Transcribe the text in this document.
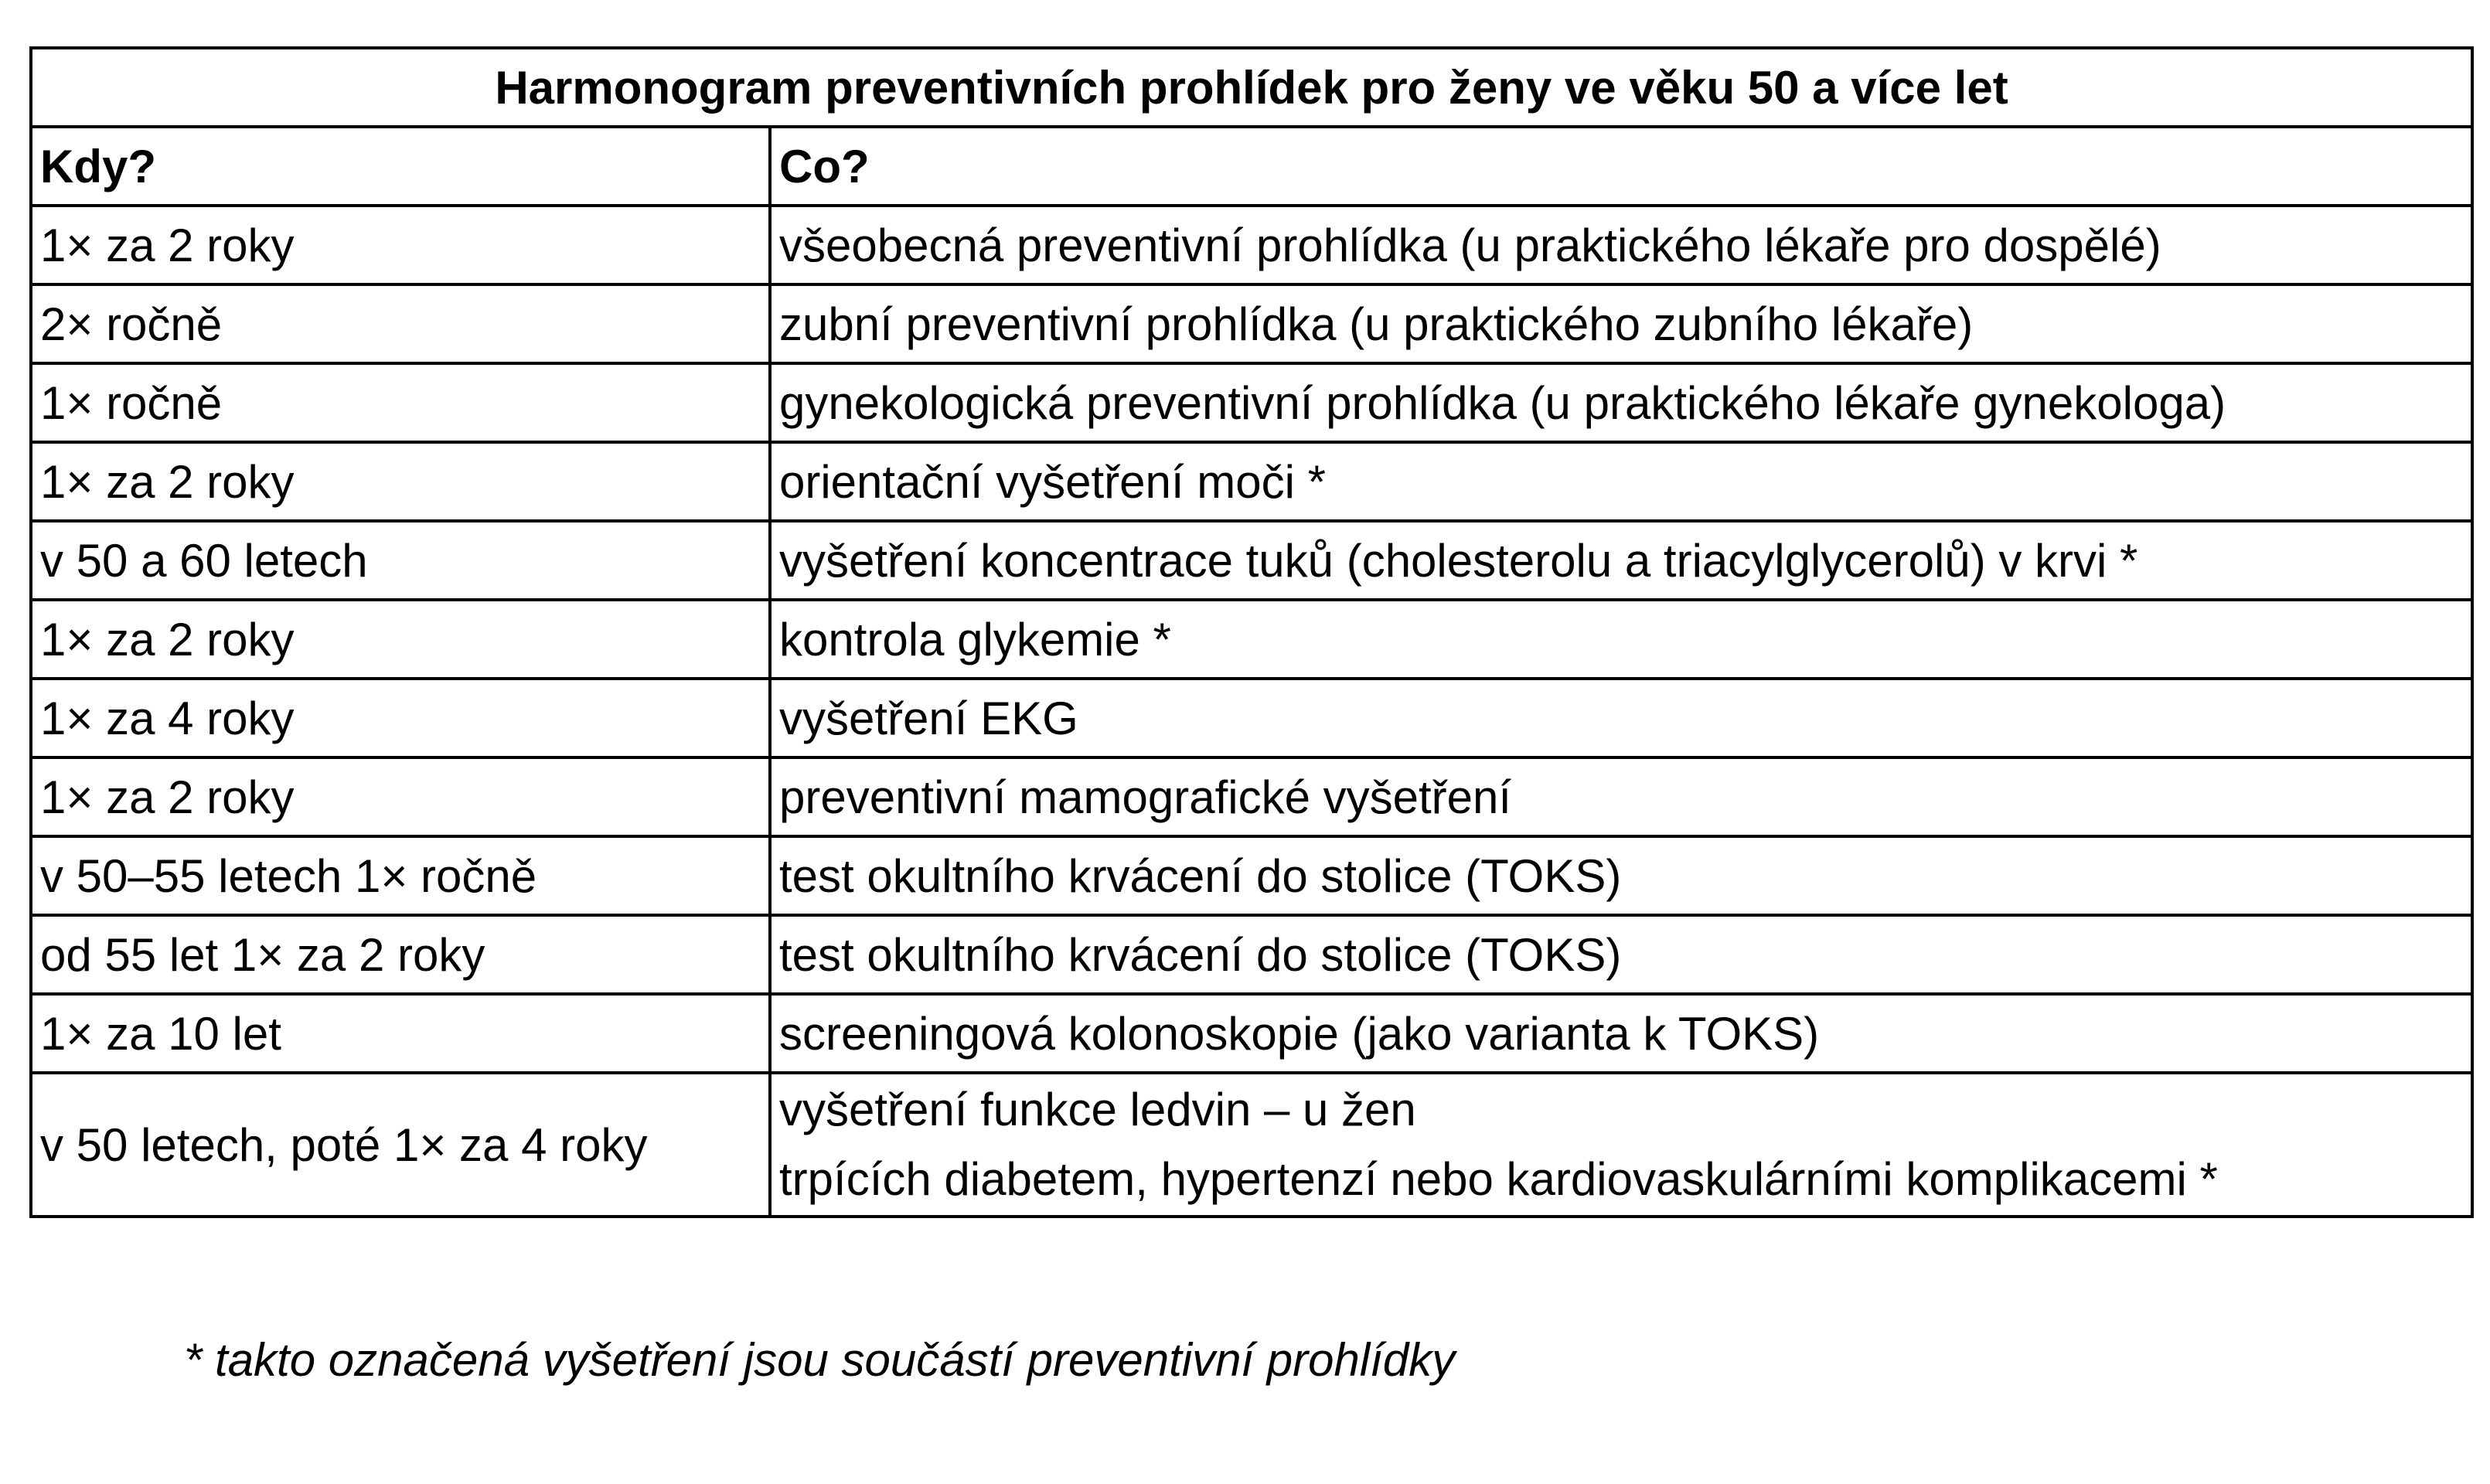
Harmonogram preventivních prohlídek pro ženy ve věku 50 a více let	
Kdy?	Co?
1× za 2 roky	všeobecná preventivní prohlídka (u praktického lékaře pro dospělé)
2× ročně	zubní preventivní prohlídka (u praktického zubního lékaře)
1× ročně	gynekologická preventivní prohlídka (u praktického lékaře gynekologa)
1× za 2 roky	orientační vyšetření moči *
v 50 a 60 letech	vyšetření koncentrace tuků (cholesterolu a triacylglycerolů) v krvi *
1× za 2 roky	kontrola glykemie *
1× za 4 roky	vyšetření EKG
1× za 2 roky	preventivní mamografické vyšetření
v 50–55 letech 1× ročně	test okultního krvácení do stolice (TOKS)
od 55 let 1× za 2 roky	test okultního krvácení do stolice (TOKS)
1× za 10 let	screeningová kolonoskopie (jako varianta k TOKS)
v 50 letech, poté 1× za 4 roky	vyšetření funkce ledvin – u žen
trpících diabetem, hypertenzí nebo kardiovaskulárními komplikacemi *
* takto označená vyšetření jsou součástí preventivní prohlídky
